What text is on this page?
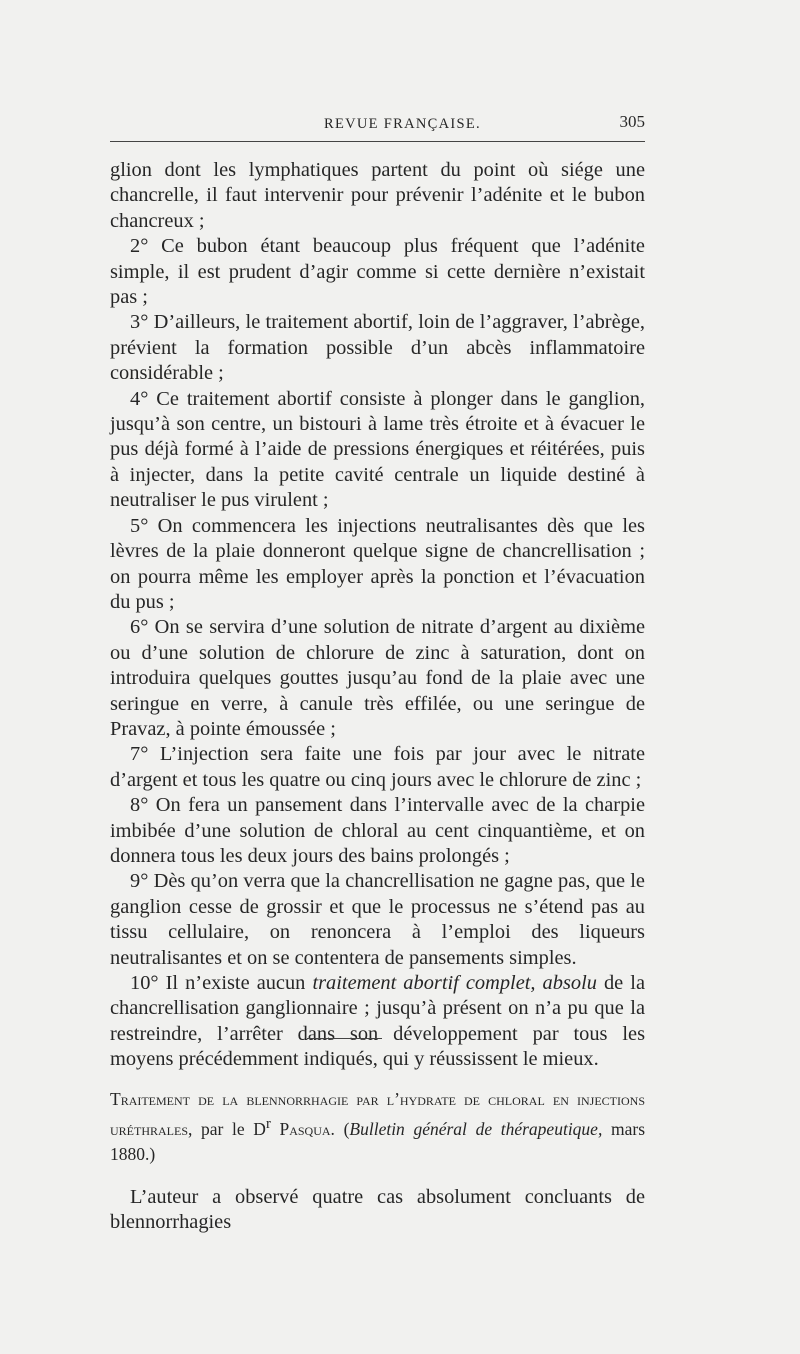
REVUE FRANÇAISE.	305

glion dont les lymphatiques partent du point où siége une chancrelle, il faut intervenir pour prévenir l’adénite et le bubon chancreux ;

2° Ce bubon étant beaucoup plus fréquent que l’adénite simple, il est prudent d’agir comme si cette dernière n’existait pas ;

3° D’ailleurs, le traitement abortif, loin de l’aggraver, l’abrège, prévient la formation possible d’un abcès inflammatoire considérable ;

4° Ce traitement abortif consiste à plonger dans le ganglion, jusqu’à son centre, un bistouri à lame très étroite et à évacuer le pus déjà formé à l’aide de pressions énergiques et réitérées, puis à injecter, dans la petite cavité centrale un liquide destiné à neutraliser le pus virulent ;

5° On commencera les injections neutralisantes dès que les lèvres de la plaie donneront quelque signe de chancrellisation ; on pourra même les employer après la ponction et l’évacuation du pus ;

6° On se servira d’une solution de nitrate d’argent au dixième ou d’une solution de chlorure de zinc à saturation, dont on introduira quelques gouttes jusqu’au fond de la plaie avec une seringue en verre, à canule très effilée, ou une seringue de Pravaz, à pointe émoussée ;

7° L’injection sera faite une fois par jour avec le nitrate d’argent et tous les quatre ou cinq jours avec le chlorure de zinc ;

8° On fera un pansement dans l’intervalle avec de la charpie imbibée d’une solution de chloral au cent cinquantième, et on donnera tous les deux jours des bains prolongés ;

9° Dès qu’on verra que la chancrellisation ne gagne pas, que le ganglion cesse de grossir et que le processus ne s’étend pas au tissu cellulaire, on renoncera à l’emploi des liqueurs neutralisantes et on se contentera de pansements simples.

10° Il n’existe aucun traitement abortif complet, absolu de la chancrellisation ganglionnaire ; jusqu’à présent on n’a pu que la restreindre, l’arrêter dans son développement par tous les moyens précédemment indiqués, qui y réussissent le mieux.

Traitement de la blennorrhagie par l’hydrate de chloral en injections uréthrales, par le $D^r$ Pasqua. (Bulletin général de thérapeutique, mars 1880.)

L’auteur a observé quatre cas absolument concluants de blennorrhagies
